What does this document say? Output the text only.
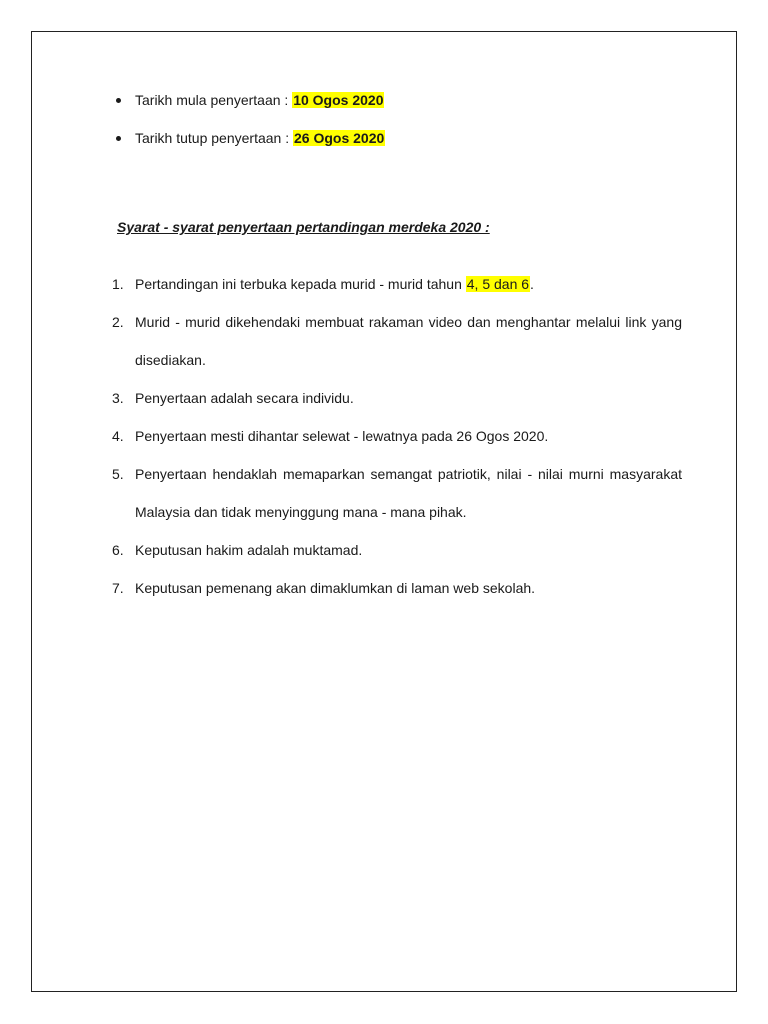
Tarikh mula penyertaan : 10 Ogos 2020
Tarikh tutup penyertaan : 26 Ogos 2020

Syarat - syarat penyertaan pertandingan merdeka 2020 :

1. Pertandingan ini terbuka kepada murid - murid tahun 4, 5 dan 6.
2. Murid - murid dikehendaki membuat rakaman video dan menghantar melalui link yang disediakan.
3. Penyertaan adalah secara individu.
4. Penyertaan mesti dihantar selewat - lewatnya pada 26 Ogos 2020.
5. Penyertaan hendaklah memaparkan semangat patriotik, nilai - nilai murni masyarakat Malaysia dan tidak menyinggung mana - mana pihak.
6. Keputusan hakim adalah muktamad.
7. Keputusan pemenang akan dimaklumkan di laman web sekolah.
